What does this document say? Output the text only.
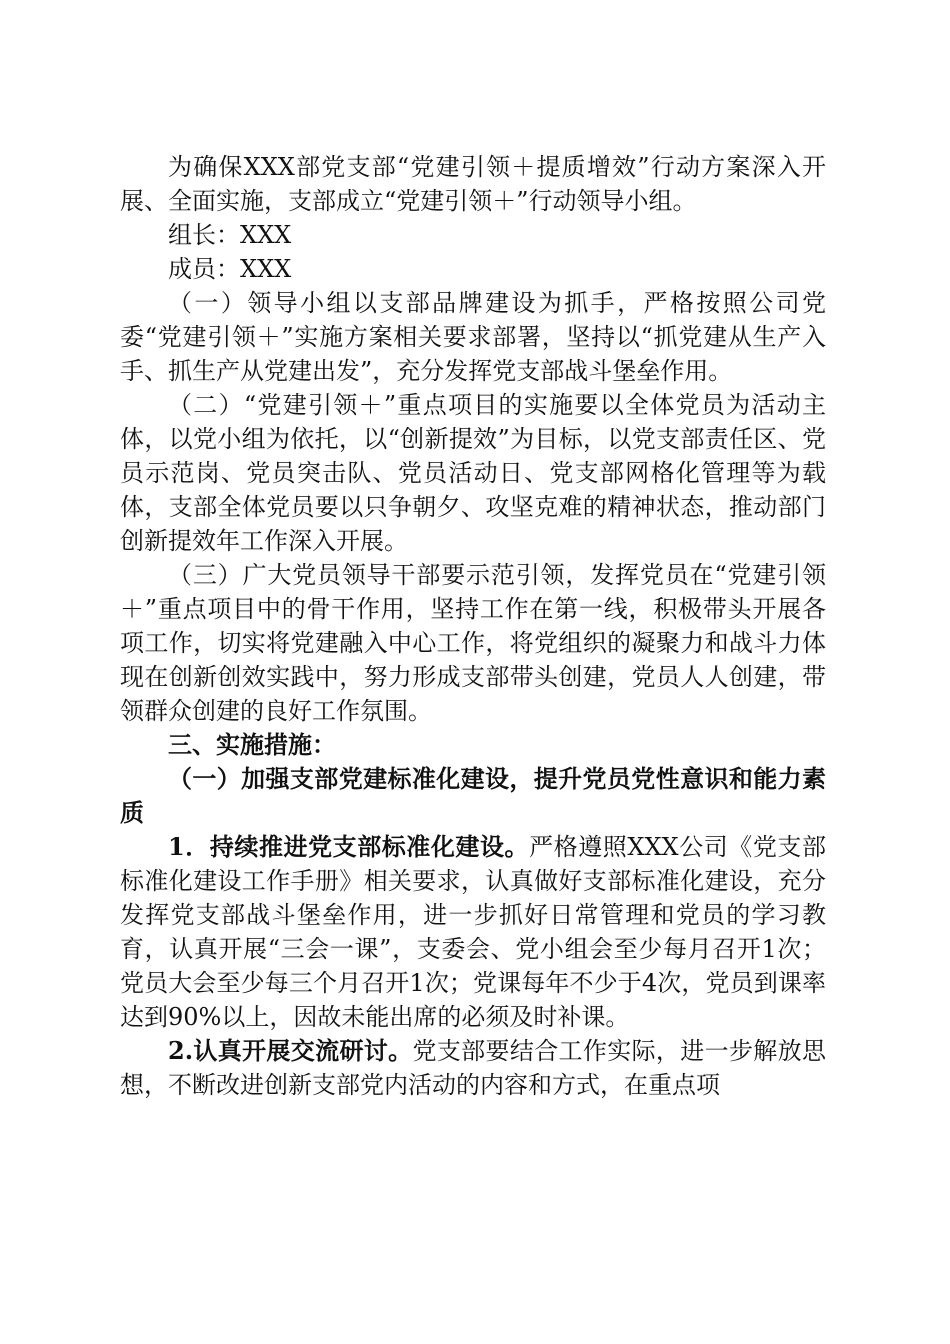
为确保XXX部党支部“党建引领＋提质增效”行动方案深入开展、全面实施，支部成立“党建引领＋”行动领导小组。

组长：XXX

成员：XXX

（一）领导小组以支部品牌建设为抓手，严格按照公司党委“党建引领＋”实施方案相关要求部署，坚持以“抓党建从生产入手、抓生产从党建出发”，充分发挥党支部战斗堡垒作用。

（二）“党建引领＋”重点项目的实施要以全体党员为活动主体，以党小组为依托，以“创新提效”为目标，以党支部责任区、党员示范岗、党员突击队、党员活动日、党支部网格化管理等为载体，支部全体党员要以只争朝夕、攻坚克难的精神状态，推动部门创新提效年工作深入开展。

（三）广大党员领导干部要示范引领，发挥党员在“党建引领＋”重点项目中的骨干作用，坚持工作在第一线，积极带头开展各项工作，切实将党建融入中心工作，将党组织的凝聚力和战斗力体现在创新创效实践中，努力形成支部带头创建，党员人人创建，带领群众创建的良好工作氛围。

三、实施措施：

（一）加强支部党建标准化建设，提升党员党性意识和能力素质

1．持续推进党支部标准化建设。严格遵照XXX公司《党支部标准化建设工作手册》相关要求，认真做好支部标准化建设，充分发挥党支部战斗堡垒作用，进一步抓好日常管理和党员的学习教育，认真开展“三会一课”，支委会、党小组会至少每月召开1次；党员大会至少每三个月召开1次；党课每年不少于4次，党员到课率达到90%以上，因故未能出席的必须及时补课。

2.认真开展交流研讨。党支部要结合工作实际，进一步解放思想，不断改进创新支部党内活动的内容和方式，在重点项
